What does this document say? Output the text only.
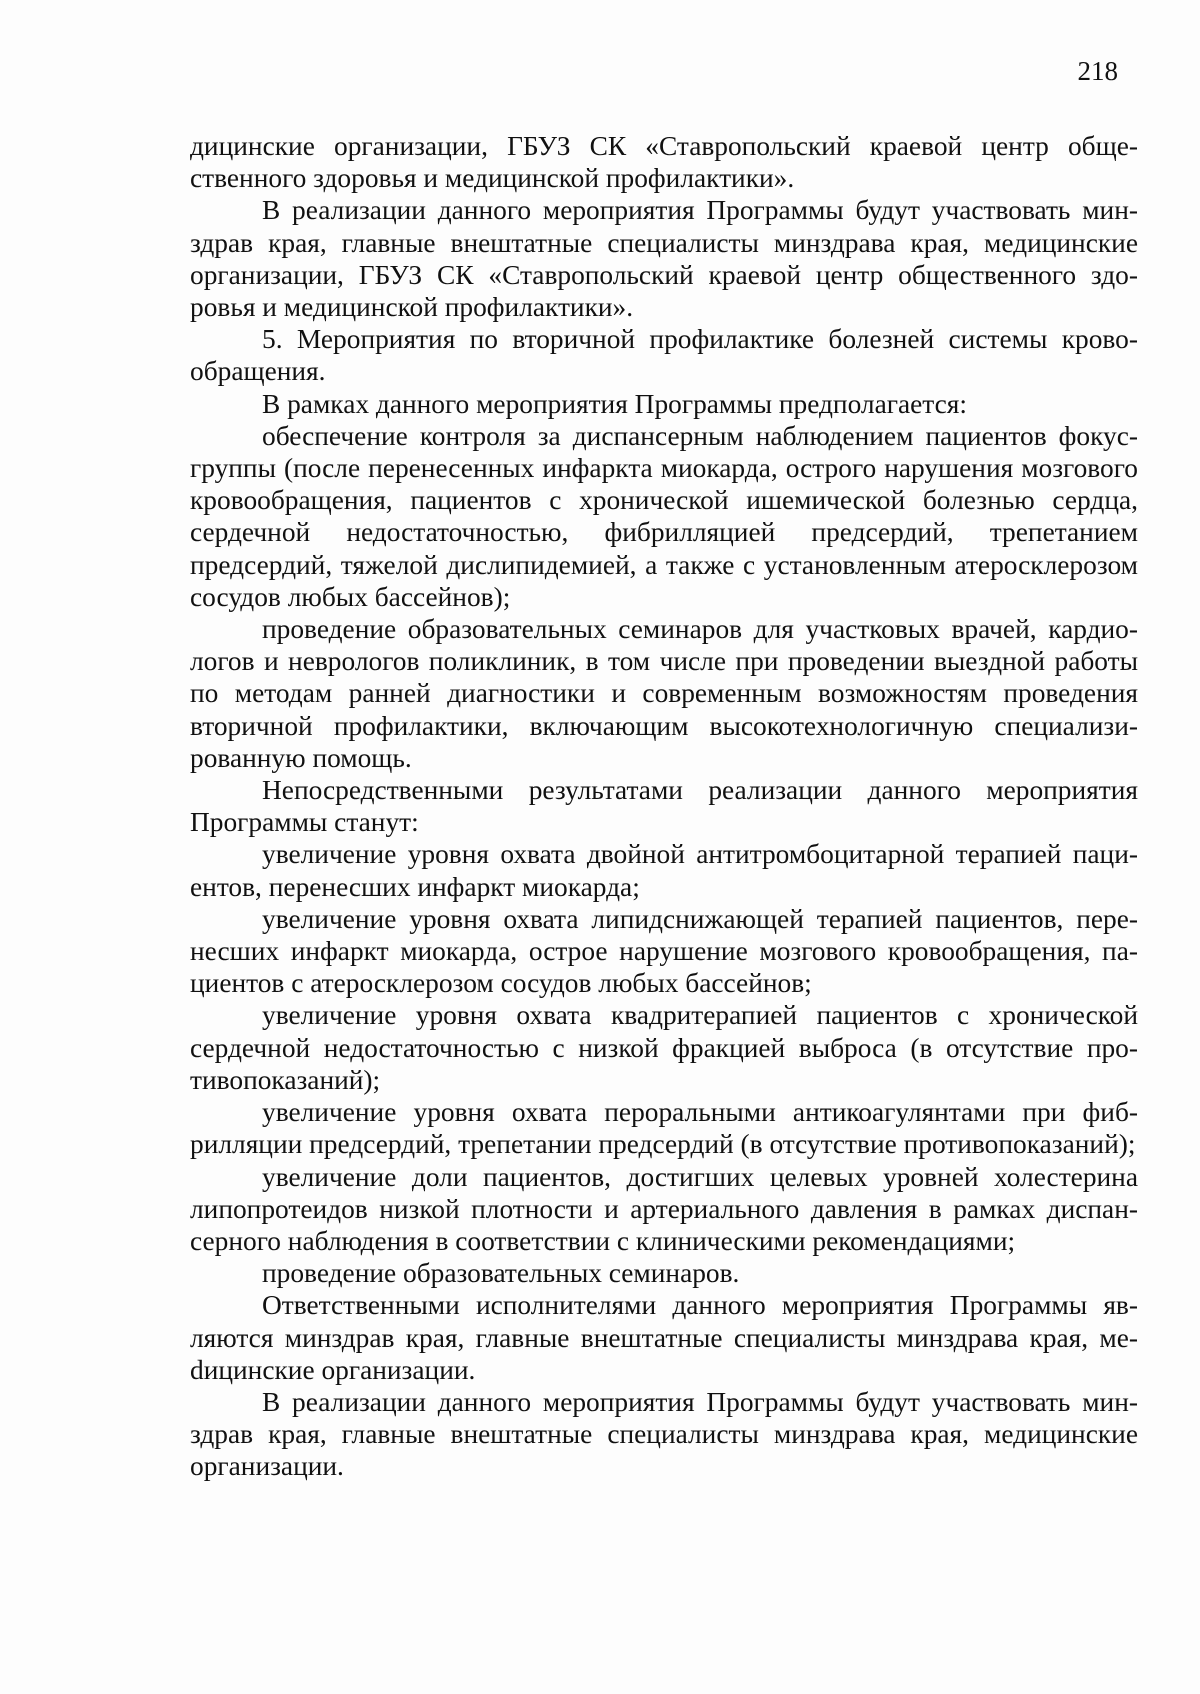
218

дицинские организации, ГБУЗ СК «Ставропольский краевой центр общественного здоровья и медицинской профилактики».

В реализации данного мероприятия Программы будут участвовать минздрав края, главные внештатные специалисты минздрава края, медицинские организации, ГБУЗ СК «Ставропольский краевой центр общественного здоровья и медицинской профилактики».

5. Мероприятия по вторичной профилактике болезней системы кровообращения.

В рамках данного мероприятия Программы предполагается:

обеспечение контроля за диспансерным наблюдением пациентов фокус-группы (после перенесенных инфаркта миокарда, острого нарушения мозгового кровообращения, пациентов с хронической ишемической болезнью сердца, сердечной недостаточностью, фибрилляцией предсердий, трепетанием предсердий, тяжелой дислипидемией, а также с установленным атеросклерозом сосудов любых бассейнов);

проведение образовательных семинаров для участковых врачей, кардиологов и неврологов поликлиник, в том числе при проведении выездной работы по методам ранней диагностики и современным возможностям проведения вторичной профилактики, включающим высокотехнологичную специализированную помощь.

Непосредственными результатами реализации данного мероприятия Программы станут:

увеличение уровня охвата двойной антитромбоцитарной терапией пациентов, перенесших инфаркт миокарда;

увеличение уровня охвата липидснижающей терапией пациентов, перенесших инфаркт миокарда, острое нарушение мозгового кровообращения, пациентов с атеросклерозом сосудов любых бассейнов;

увеличение уровня охвата квадритерапией пациентов с хронической сердечной недостаточностью с низкой фракцией выброса (в отсутствие противопоказаний);

увеличение уровня охвата пероральными антикоагулянтами при фибрилляции предсердий, трепетании предсердий (в отсутствие противопоказаний);

увеличение доли пациентов, достигших целевых уровней холестерина липопротеидов низкой плотности и артериального давления в рамках диспансерного наблюдения в соответствии с клиническими рекомендациями;

проведение образовательных семинаров.

Ответственными исполнителями данного мероприятия Программы являются минздрав края, главные внештатные специалисты минздрава края, меdицинские организации.

В реализации данного мероприятия Программы будут участвовать минздрав края, главные внештатные специалисты минздрава края, медицинские организации.
